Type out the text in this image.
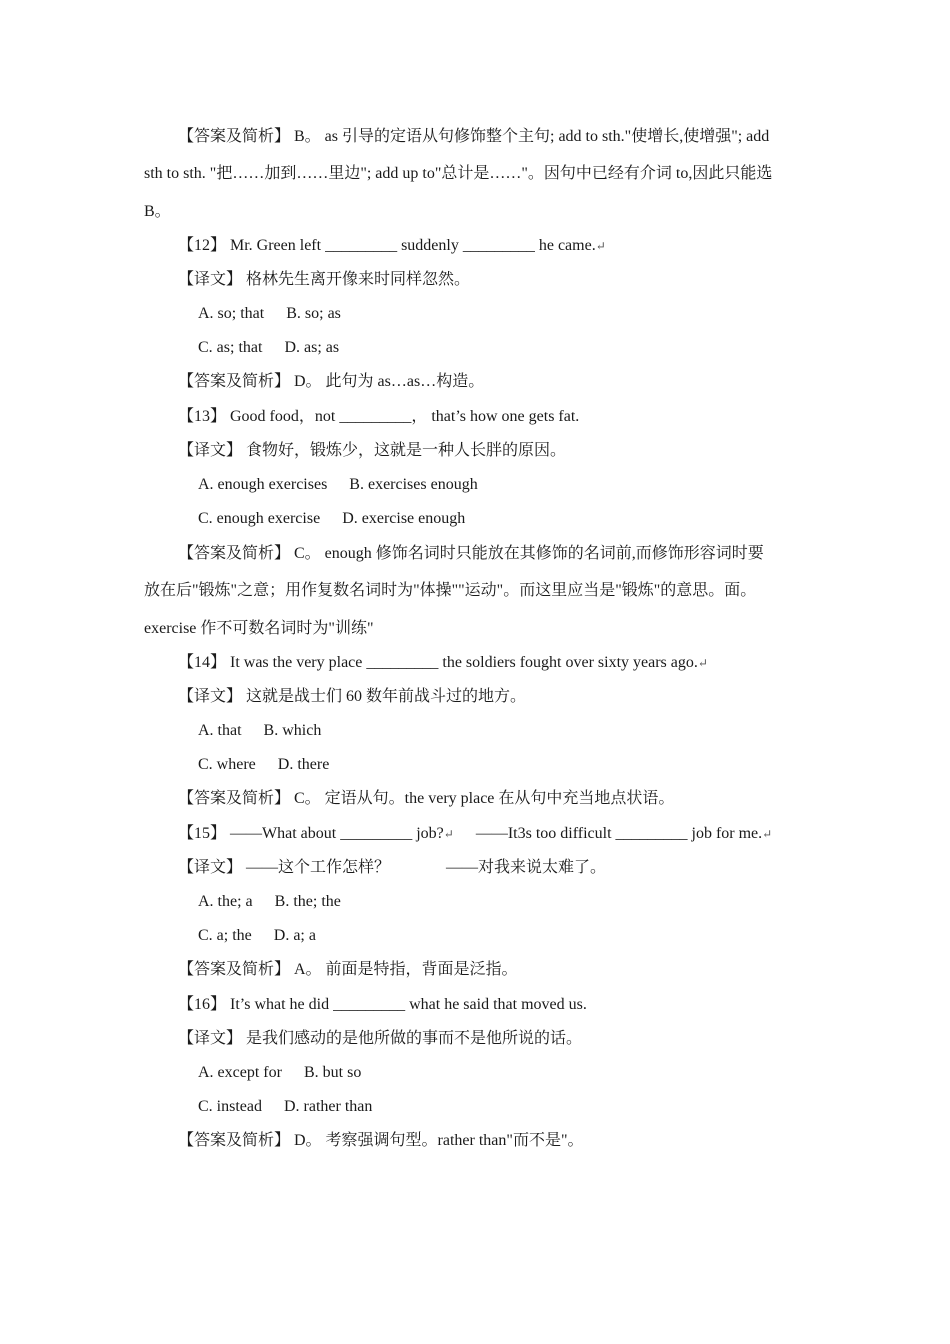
【答案及简析】 B。 as 引导的定语从句修饰整个主句; add to sth."使增长,使增强"; add
sth to sth. "把……加到……里边"; add up to"总计是……"。因句中已经有介词 to,因此只能选
B。
【12】 Mr. Green left _________ suddenly _________ he came.↵
【译文】 格林先生离开像来时同样忽然。
A. so; that B. so; as
C. as; that D. as; as
【答案及简析】 D。 此句为 as…as…构造。
【13】 Good food，not _________， that’s how one gets fat.
【译文】 食物好，锻炼少，这就是一种人长胖的原因。
A. enough exercises B. exercises enough
C. enough exercise D. exercise enough
【答案及简析】 C。 enough 修饰名词时只能放在其修饰的名词前,而修饰形容词时要
放在后"锻炼"之意；用作复数名词时为"体操""运动"。而这里应当是"锻炼"的意思。面。
exercise 作不可数名词时为"训练"
【14】 It was the very place _________ the soldiers fought over sixty years ago.↵
【译文】 这就是战士们 60 数年前战斗过的地方。
A. that B. which
C. where D. there
【答案及简析】 C。 定语从句。the very place 在从句中充当地点状语。
【15】 ——What about _________ job?↵ ——It3s too difficult _________ job for me.↵
【译文】 ——这个工作怎样？	——对我来说太难了。
A. the; a B. the; the
C. a; the D. a; a
【答案及简析】 A。 前面是特指，背面是泛指。
【16】 It’s what he did _________ what he said that moved us.
【译文】 是我们感动的是他所做的事而不是他所说的话。
A. except for B. but so
C. instead D. rather than
【答案及简析】 D。 考察强调句型。rather than"而不是"。
